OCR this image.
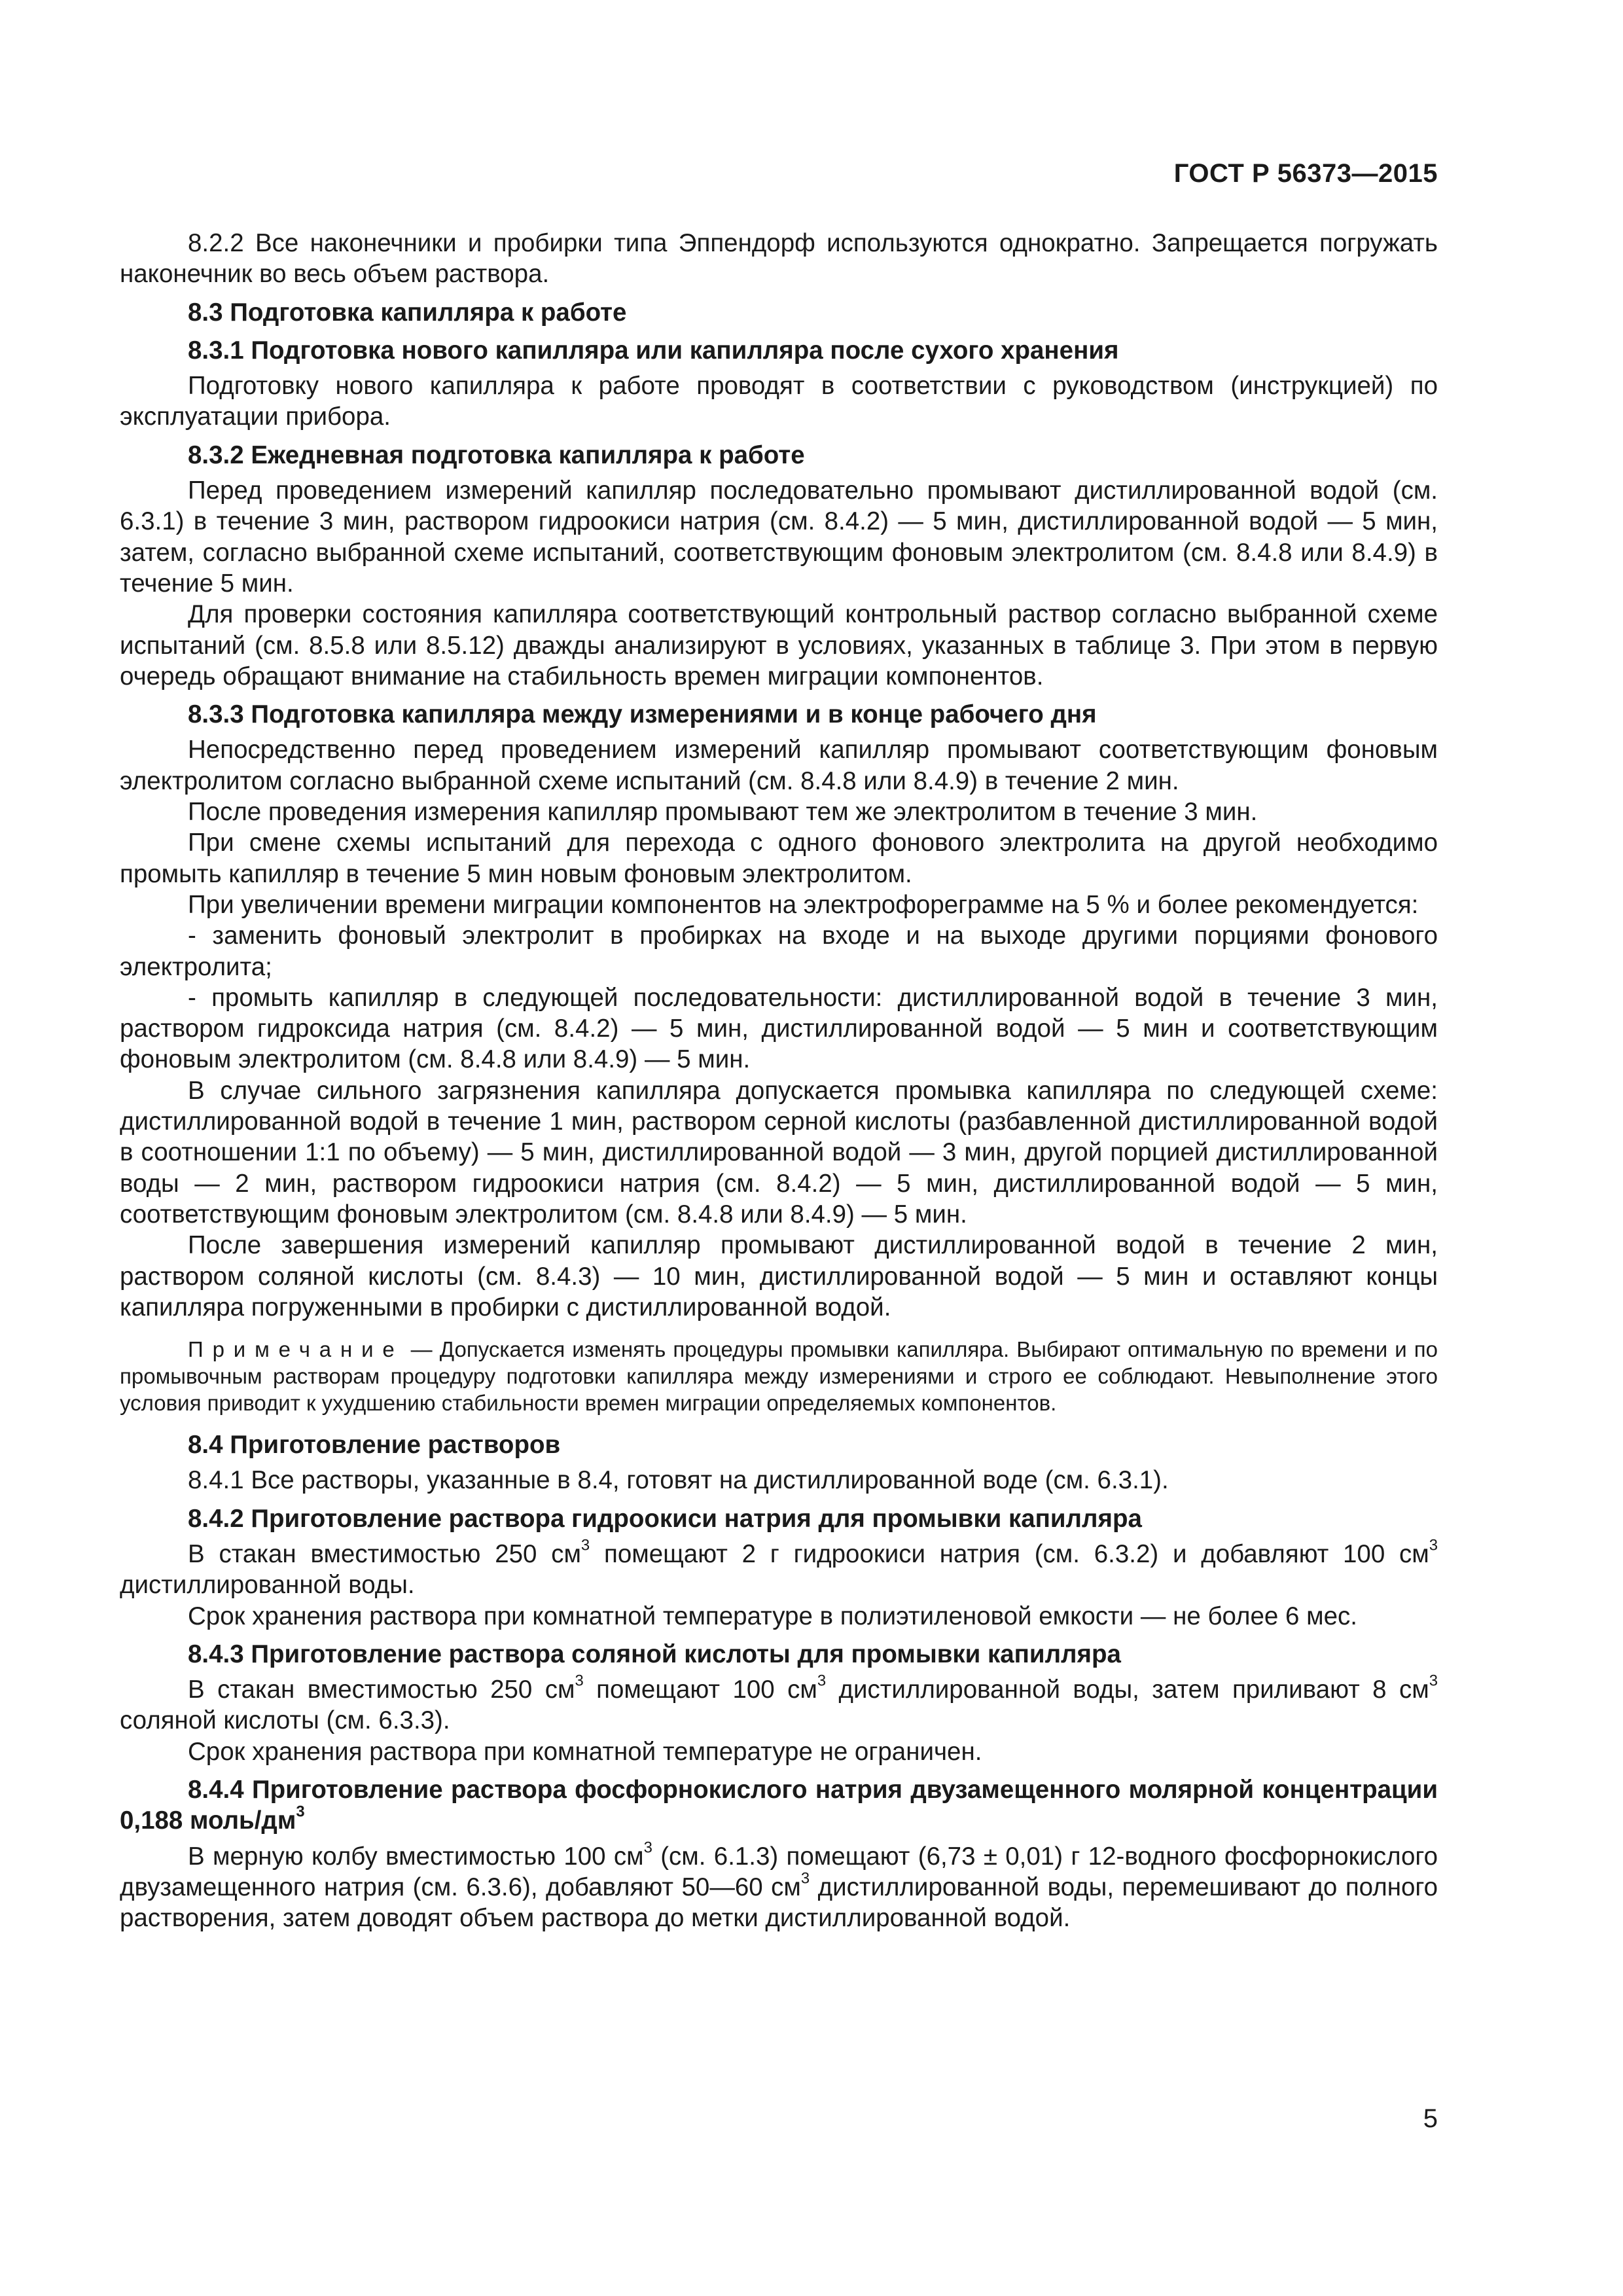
ГОСТ Р 56373—2015

8.2.2 Все наконечники и пробирки типа Эппендорф используются однократно. Запрещается погружать наконечник во весь объем раствора.

8.3 Подготовка капилляра к работе

8.3.1 Подготовка нового капилляра или капилляра после сухого хранения

Подготовку нового капилляра к работе проводят в соответствии с руководством (инструкцией) по эксплуатации прибора.

8.3.2 Ежедневная подготовка капилляра к работе

Перед проведением измерений капилляр последовательно промывают дистиллированной водой (см. 6.3.1) в течение 3 мин, раствором гидроокиси натрия (см. 8.4.2) — 5 мин, дистиллированной водой — 5 мин, затем, согласно выбранной схеме испытаний, соответствующим фоновым электролитом (см. 8.4.8 или 8.4.9) в течение 5 мин.

Для проверки состояния капилляра соответствующий контрольный раствор согласно выбранной схеме испытаний (см. 8.5.8 или 8.5.12) дважды анализируют в условиях, указанных в таблице 3. При этом в первую очередь обращают внимание на стабильность времен миграции компонентов.

8.3.3 Подготовка капилляра между измерениями и в конце рабочего дня

Непосредственно перед проведением измерений капилляр промывают соответствующим фоновым электролитом согласно выбранной схеме испытаний (см. 8.4.8 или 8.4.9) в течение 2 мин.

После проведения измерения капилляр промывают тем же электролитом в течение 3 мин.

При смене схемы испытаний для перехода с одного фонового электролита на другой необходимо промыть капилляр в течение 5 мин новым фоновым электролитом.

При увеличении времени миграции компонентов на электрофореграмме на 5 % и более рекомендуется:

- заменить фоновый электролит в пробирках на входе и на выходе другими порциями фонового электролита;

- промыть капилляр в следующей последовательности: дистиллированной водой в течение 3 мин, раствором гидроксида натрия (см. 8.4.2) — 5 мин, дистиллированной водой — 5 мин и соответствующим фоновым электролитом (см. 8.4.8 или 8.4.9) — 5 мин.

В случае сильного загрязнения капилляра допускается промывка капилляра по следующей схеме: дистиллированной водой в течение 1 мин, раствором серной кислоты (разбавленной дистиллированной водой в соотношении 1:1 по объему) — 5 мин, дистиллированной водой — 3 мин, другой порцией дистиллированной воды — 2 мин, раствором гидроокиси натрия (см. 8.4.2) — 5 мин, дистиллированной водой — 5 мин, соответствующим фоновым электролитом (см. 8.4.8 или 8.4.9) — 5 мин.

После завершения измерений капилляр промывают дистиллированной водой в течение 2 мин, раствором соляной кислоты (см. 8.4.3) — 10 мин, дистиллированной водой — 5 мин и оставляют концы капилляра погруженными в пробирки с дистиллированной водой.

Примечание — Допускается изменять процедуры промывки капилляра. Выбирают оптимальную по времени и по промывочным растворам процедуру подготовки капилляра между измерениями и строго ее соблюдают. Невыполнение этого условия приводит к ухудшению стабильности времен миграции определяемых компонентов.

8.4 Приготовление растворов

8.4.1 Все растворы, указанные в 8.4, готовят на дистиллированной воде (см. 6.3.1).

8.4.2 Приготовление раствора гидроокиси натрия для промывки капилляра

В стакан вместимостью 250 $см^3$ помещают 2 г гидроокиси натрия (см. 6.3.2) и добавляют 100 $см^3$ дистиллированной воды.

Срок хранения раствора при комнатной температуре в полиэтиленовой емкости — не более 6 мес.

8.4.3 Приготовление раствора соляной кислоты для промывки капилляра

В стакан вместимостью 250 $см^3$ помещают 100 $см^3$ дистиллированной воды, затем приливают 8 $см^3$ соляной кислоты (см. 6.3.3).

Срок хранения раствора при комнатной температуре не ограничен.

8.4.4 Приготовление раствора фосфорнокислого натрия двузамещенного молярной концентрации 0,188 моль/$дм^3$

В мерную колбу вместимостью 100 $см^3$ (см. 6.1.3) помещают (6,73 ± 0,01) г 12-водного фосфорнокислого двузамещенного натрия (см. 6.3.6), добавляют 50—60 $см^3$ дистиллированной воды, перемешивают до полного растворения, затем доводят объем раствора до метки дистиллированной водой.

5
